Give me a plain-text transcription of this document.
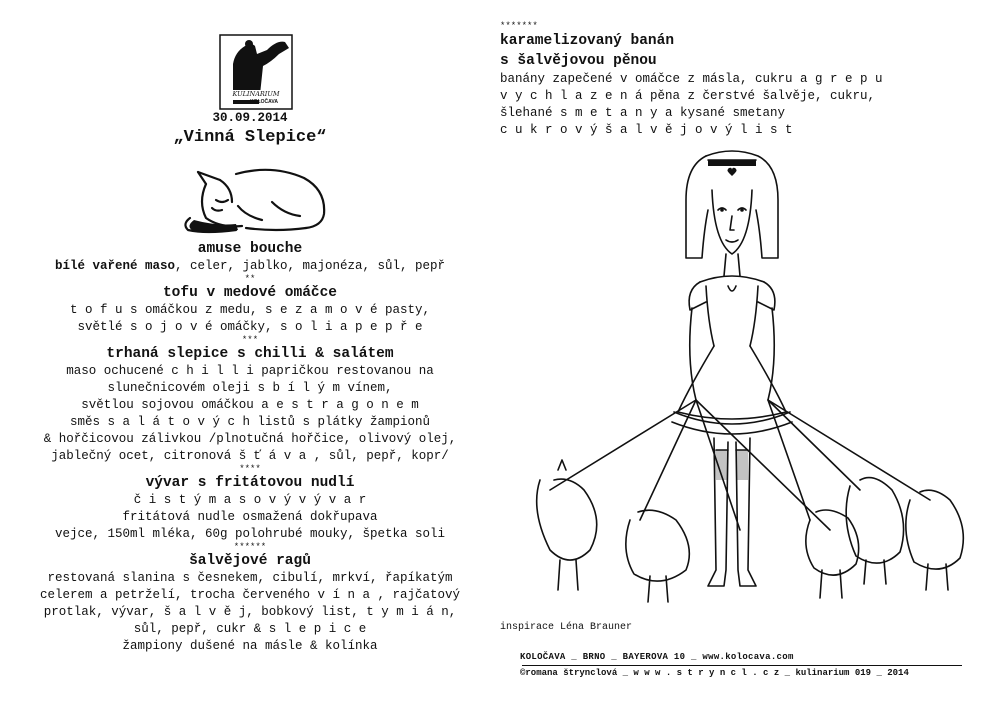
KULINARIUM
KOLOČAVA
30.09.2014
„Vinná Slepice“
amuse bouche
bílé vařené maso, celer, jablko, majonéza, sůl, pepř
**
tofu v medové omáčce
t o f u s omáčkou z medu, s e z a m o v é pasty,
světlé s o j o v é omáčky, s o l i a p e p ř e
***
trhaná slepice s chilli & salátem
maso ochucené c h i l l i papričkou restovanou na
slunečnicovém oleji s b í l ý m vínem,
světlou sojovou omáčkou a e s t r a g o n e m
směs s a l á t o v ý c h listů s plátky žampionů
& hořčicovou zálivkou /plnotučná hořčice, olivový olej,
jablečný ocet, citronová š ť á v a , sůl, pepř, kopr/
****
vývar s fritátovou nudlí
č i s t ý m a s o v ý v ý v a r
fritátová nudle osmažená dokřupava
vejce, 150ml mléka, 60g polohrubé mouky, špetka soli
******
šalvějové ragů
restovaná slanina s česnekem, cibulí, mrkví, řapíkatým
celerem a petrželí, trocha červeného v í n a , rajčatový
protlak, vývar, š a l v ě j, bobkový list, t y m i á n,
sůl, pepř, cukr & s l e p i c e
žampiony dušené na másle & kolínka
*******
karamelizovaný banán
s šalvějovou pěnou
banány zapečené v omáčce z másla, cukru a g r e p u
v y c h l a z e n á pěna z čerstvé šalvěje, cukru,
šlehané s m e t a n y a kysané smetany
c u k r o v ý š a l v ě j o v ý l i s t
inspirace Léna Brauner
KOLOČAVA _ BRNO _ BAYEROVA 10 _ www.kolocava.com
©romana štrynclová _ w w w . s t r y n c l . c z _ kulinarium 019 _ 2014
